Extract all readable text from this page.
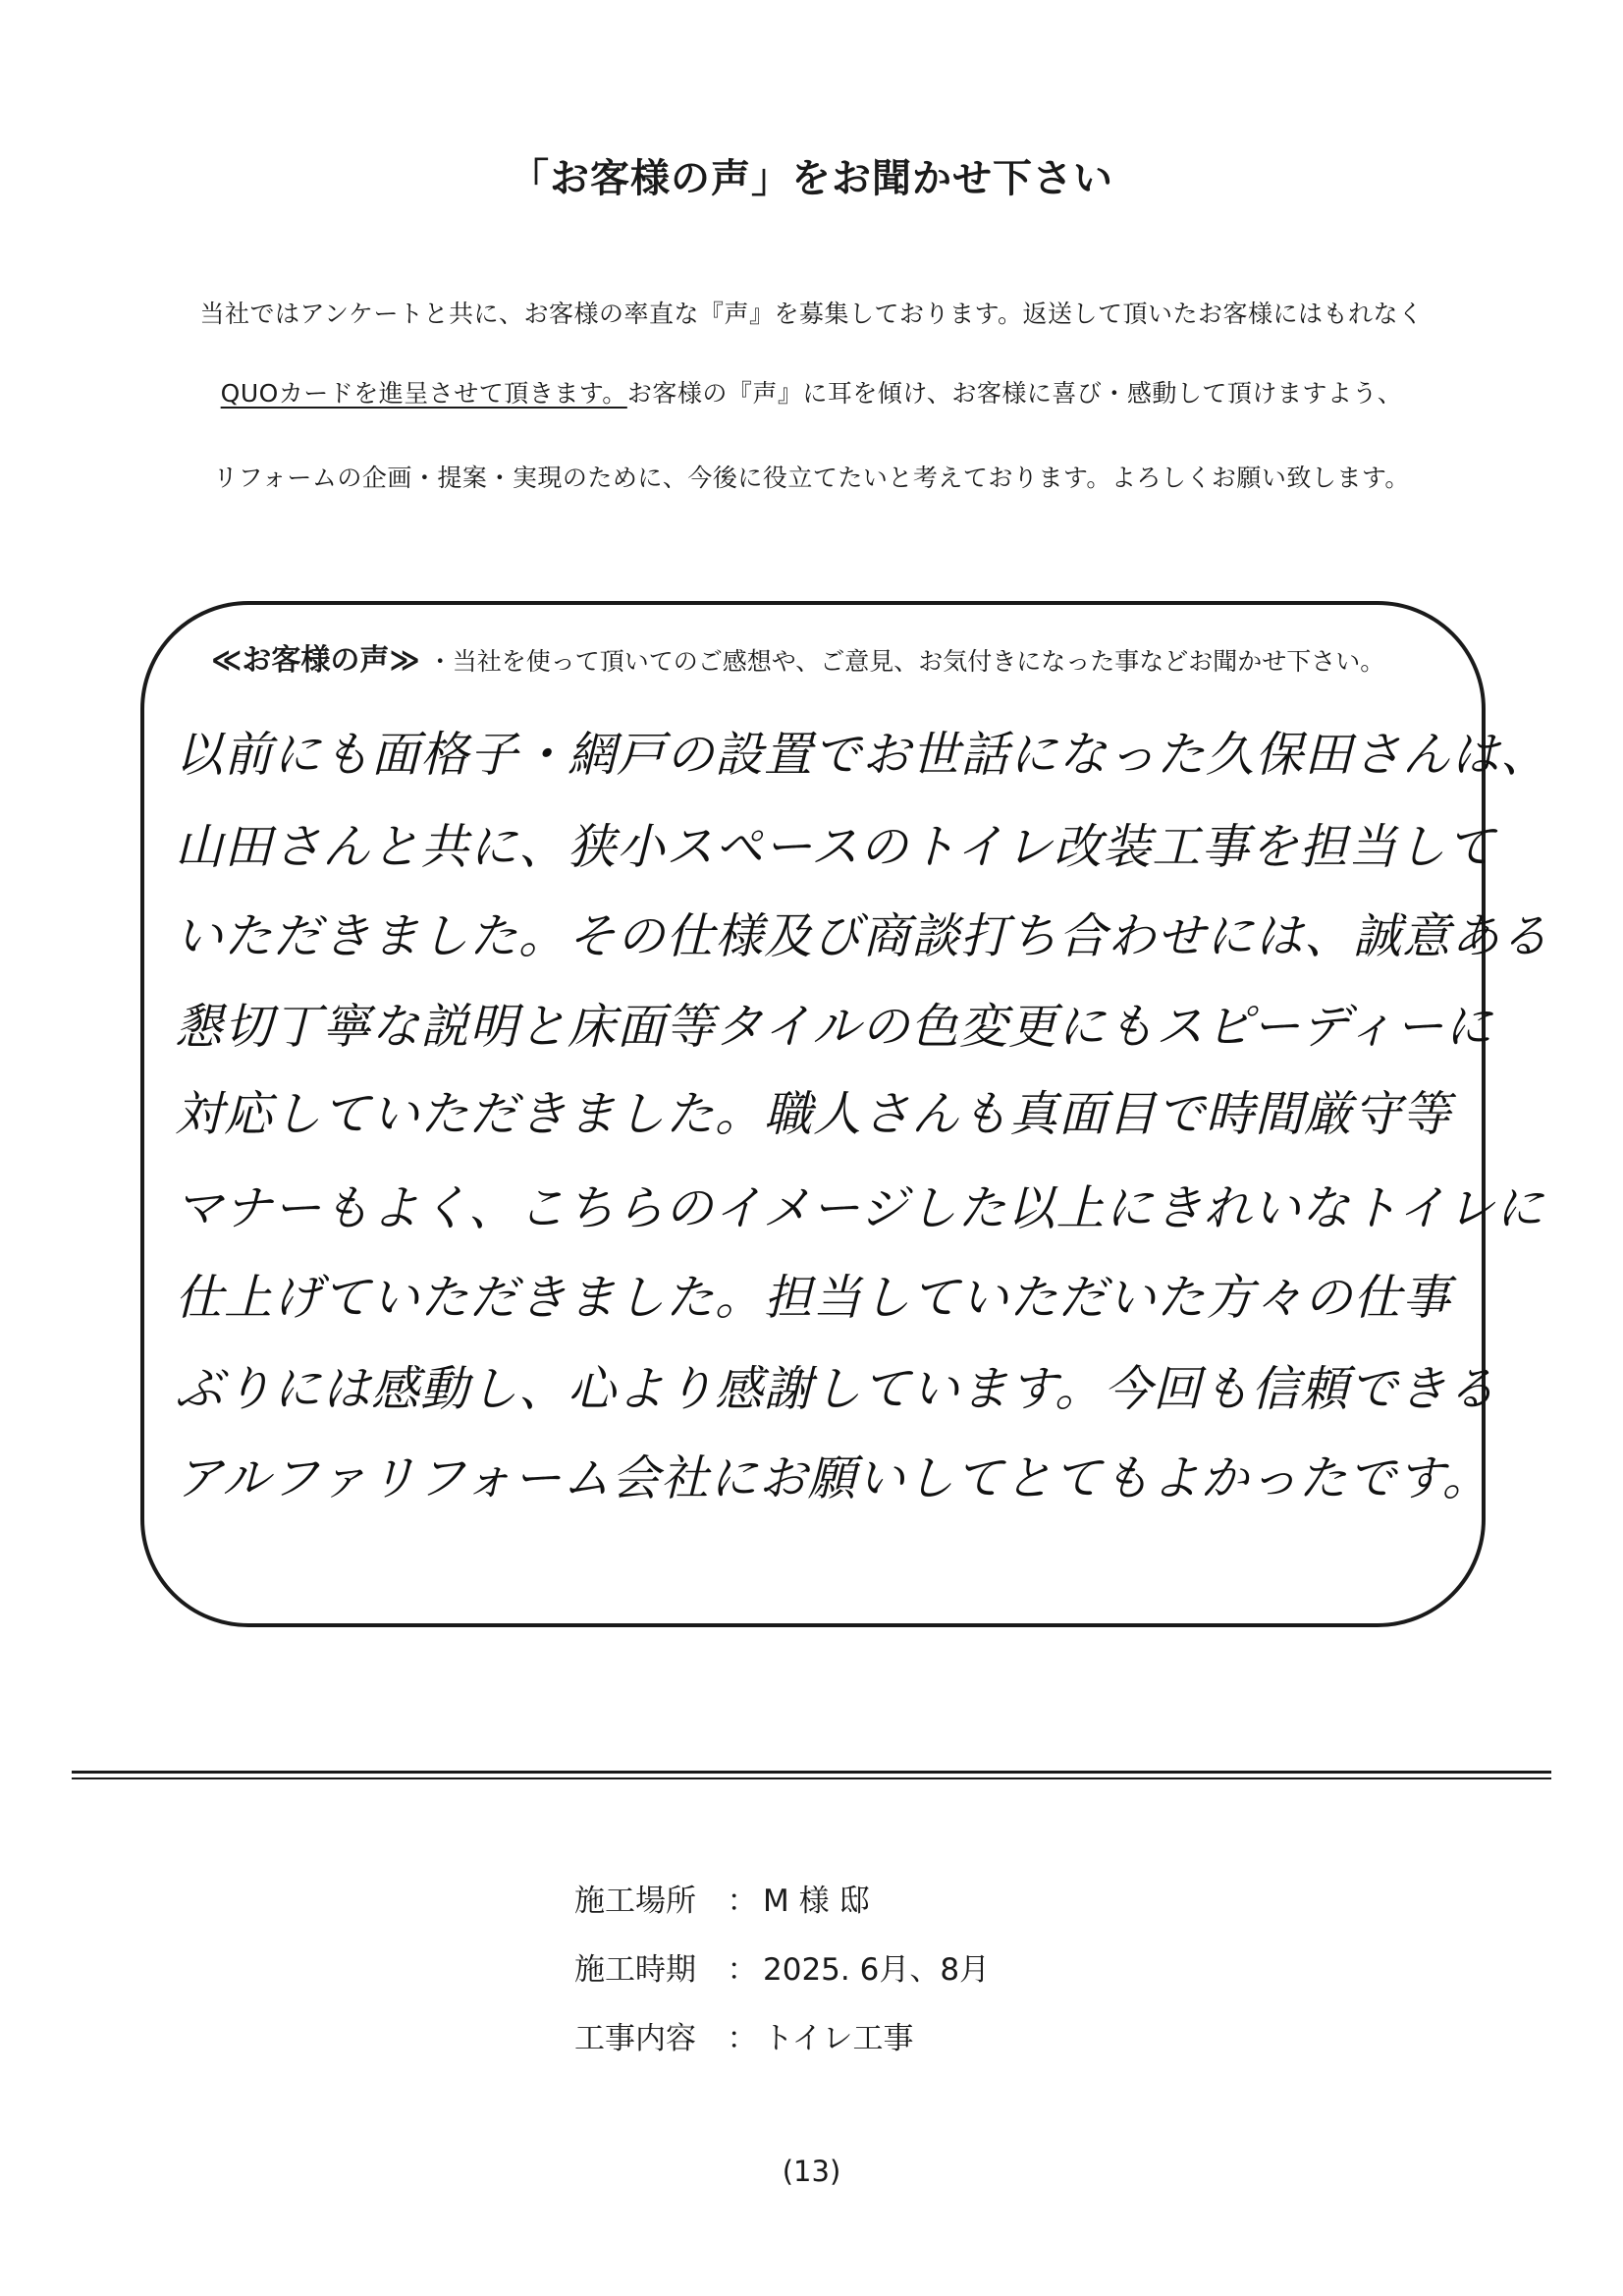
「お客様の声」をお聞かせ下さい
当社ではアンケートと共に、お客様の率直な『声』を募集しております。返送して頂いたお客様にはもれなく
QUOカードを進呈させて頂きます。お客様の『声』に耳を傾け、お客様に喜び・感動して頂けますよう、
リフォームの企画・提案・実現のために、今後に役立てたいと考えております。よろしくお願い致します。
≪お客様の声≫ ・当社を使って頂いてのご感想や、ご意見、お気付きになった事などお聞かせ下さい。
以前にも面格子・網戸の設置でお世話になった久保田さんは、
山田さんと共に、狭小スペースのトイレ改装工事を担当して
いただきました。その仕様及び商談打ち合わせには、誠意ある
懇切丁寧な説明と床面等タイルの色変更にもスピーディーに
対応していただきました。職人さんも真面目で時間厳守等
マナーもよく、こちらのイメージした以上にきれいなトイレに
仕上げていただきました。担当していただいた方々の仕事
ぶりには感動し、心より感謝しています。今回も信頼できる
アルファリフォーム会社にお願いしてとてもよかったです。
施工場所 ： M 様 邸
施工時期 ： 2025. 6月、8月
工事内容 ： トイレ工事
(13)
